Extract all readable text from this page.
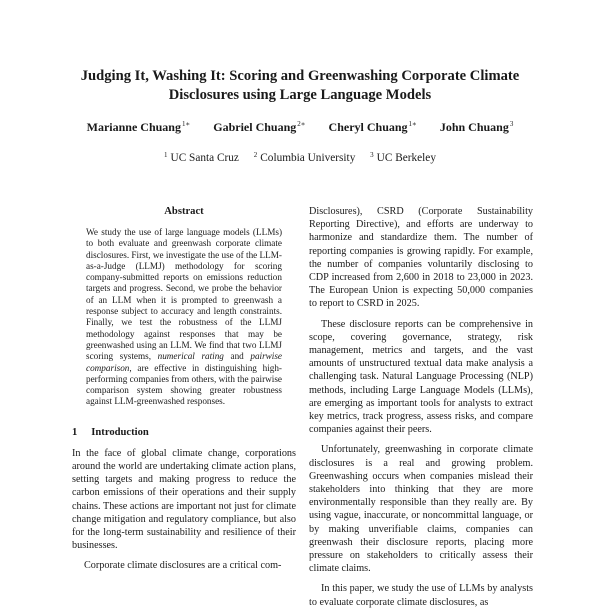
Judging It, Washing It: Scoring and Greenwashing Corporate Climate
Disclosures using Large Language Models
Marianne Chuang$^{1∗}$ Gabriel Chuang$^{2∗}$ Cheryl Chuang$^{1∗}$ John Chuang$^3$
$^1$ UC Santa Cruz $^2$ Columbia University $^3$ UC Berkeley
Abstract

We study the use of large language models (LLMs) to both evaluate and greenwash corporate climate disclosures. First, we investigate the use of the LLM-as-a-Judge (LLMJ) methodology for scoring company-submitted reports on emissions reduction targets and progress. Second, we probe the behavior of an LLM when it is prompted to greenwash a response subject to accuracy and length constraints. Finally, we test the robustness of the LLMJ methodology against responses that may be greenwashed using an LLM. We find that two LLMJ scoring systems, numerical rating and pairwise comparison, are effective in distinguishing high-performing companies from others, with the pairwise comparison system showing greater robustness against LLM-greenwashed responses.

1 Introduction

In the face of global climate change, corporations around the world are undertaking climate action plans, setting targets and making progress to reduce the carbon emissions of their operations and their supply chains. These actions are important not just for climate change mitigation and regulatory compliance, but also for the long-term sustainability and resilience of their businesses.

Corporate climate disclosures are a critical com-

Disclosures), CSRD (Corporate Sustainability Reporting Directive), and efforts are underway to harmonize and standardize them. The number of reporting companies is growing rapidly. For example, the number of companies voluntarily disclosing to CDP increased from 2,600 in 2018 to 23,000 in 2023. The European Union is expecting 50,000 companies to report to CSRD in 2025.

These disclosure reports can be comprehensive in scope, covering governance, strategy, risk management, metrics and targets, and the vast amounts of unstructured textual data make analysis a challenging task. Natural Language Processing (NLP) methods, including Large Language Models (LLMs), are emerging as important tools for analysts to extract key metrics, track progress, assess risks, and compare companies against their peers.

Unfortunately, greenwashing in corporate climate disclosures is a real and growing problem. Greenwashing occurs when companies mislead their stakeholders into thinking that they are more environmentally responsible than they really are. By using vague, inaccurate, or noncommittal language, or by making unverifiable claims, companies can greenwash their disclosure reports, placing more pressure on stakeholders to critically assess their climate claims.

In this paper, we study the use of LLMs by analysts to evaluate corporate climate disclosures, as
